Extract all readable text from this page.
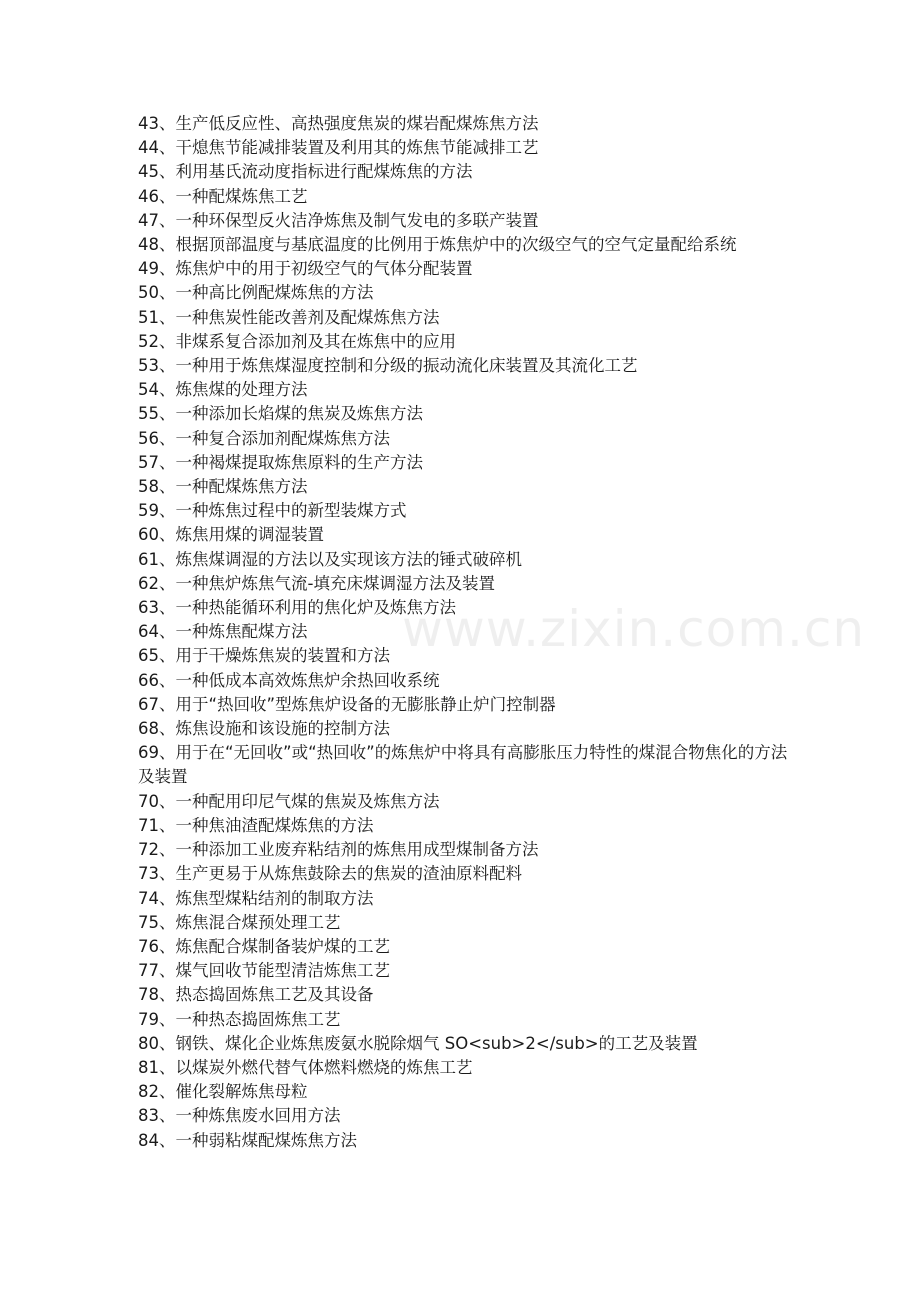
43、生产低反应性、高热强度焦炭的煤岩配煤炼焦方法
44、干熄焦节能减排装置及利用其的炼焦节能减排工艺
45、利用基氏流动度指标进行配煤炼焦的方法
46、一种配煤炼焦工艺
47、一种环保型反火洁净炼焦及制气发电的多联产装置
48、根据顶部温度与基底温度的比例用于炼焦炉中的次级空气的空气定量配给系统
49、炼焦炉中的用于初级空气的气体分配装置
50、一种高比例配煤炼焦的方法
51、一种焦炭性能改善剂及配煤炼焦方法
52、非煤系复合添加剂及其在炼焦中的应用
53、一种用于炼焦煤湿度控制和分级的振动流化床装置及其流化工艺
54、炼焦煤的处理方法
55、一种添加长焰煤的焦炭及炼焦方法
56、一种复合添加剂配煤炼焦方法
57、一种褐煤提取炼焦原料的生产方法
58、一种配煤炼焦方法
59、一种炼焦过程中的新型装煤方式
60、炼焦用煤的调湿装置
61、炼焦煤调湿的方法以及实现该方法的锤式破碎机
62、一种焦炉炼焦气流-填充床煤调湿方法及装置
63、一种热能循环利用的焦化炉及炼焦方法
64、一种炼焦配煤方法
65、用于干燥炼焦炭的装置和方法
66、一种低成本高效炼焦炉余热回收系统
67、用于“热回收”型炼焦炉设备的无膨胀静止炉门控制器
68、炼焦设施和该设施的控制方法
69、用于在“无回收”或“热回收”的炼焦炉中将具有高膨胀压力特性的煤混合物焦化的方法及装置
70、一种配用印尼气煤的焦炭及炼焦方法
71、一种焦油渣配煤炼焦的方法
72、一种添加工业废弃粘结剂的炼焦用成型煤制备方法
73、生产更易于从炼焦鼓除去的焦炭的渣油原料配料
74、炼焦型煤粘结剂的制取方法
75、炼焦混合煤预处理工艺
76、炼焦配合煤制备装炉煤的工艺
77、煤气回收节能型清洁炼焦工艺
78、热态捣固炼焦工艺及其设备
79、一种热态捣固炼焦工艺
80、钢铁、煤化企业炼焦废氨水脱除烟气 SO<sub>2</sub>的工艺及装置
81、以煤炭外燃代替气体燃料燃烧的炼焦工艺
82、催化裂解炼焦母粒
83、一种炼焦废水回用方法
84、一种弱粘煤配煤炼焦方法
www.zixin.com.cn
